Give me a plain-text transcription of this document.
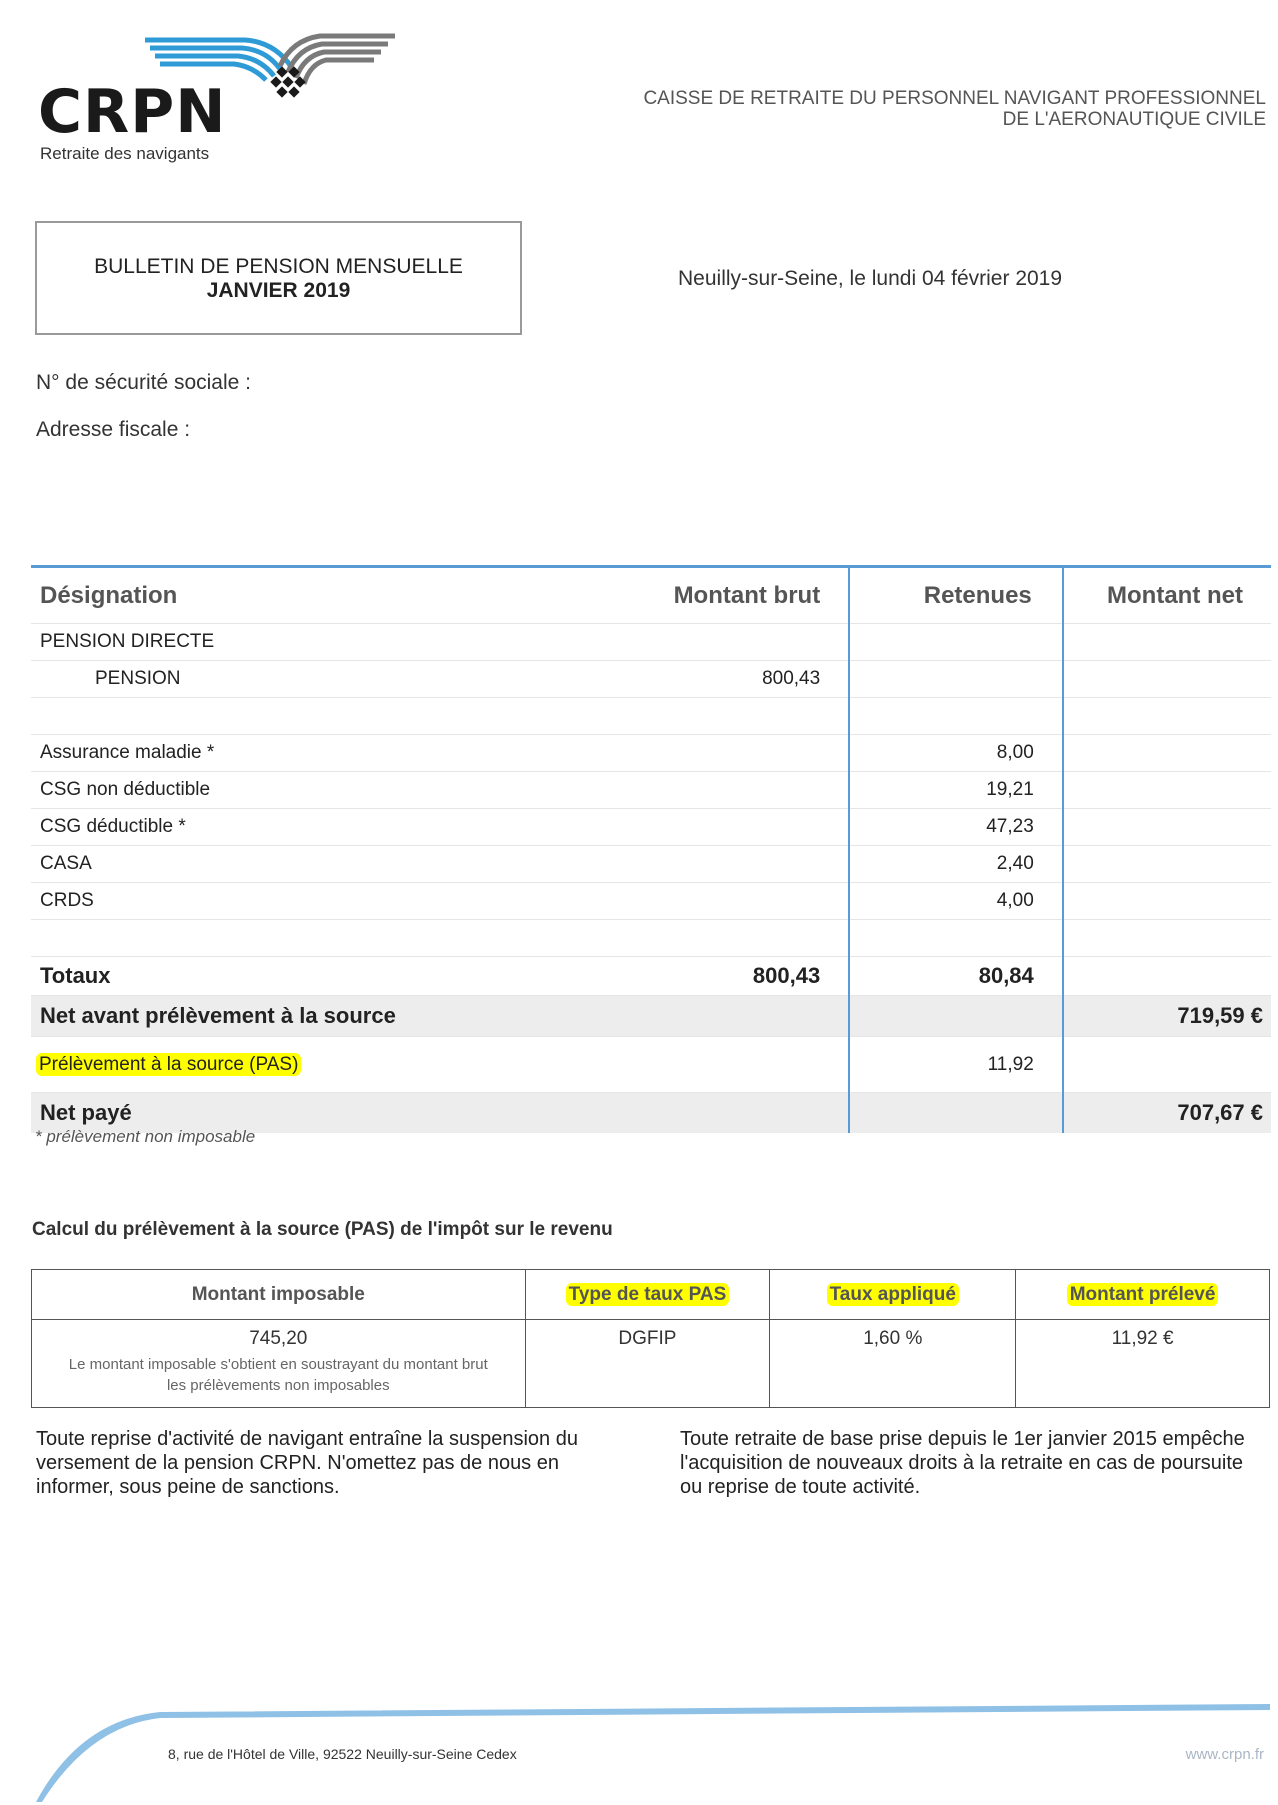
CRPN
Retraite des navigants
CAISSE DE RETRAITE DU PERSONNEL NAVIGANT PROFESSIONNEL
DE L'AERONAUTIQUE CIVILE
BULLETIN DE PENSION MENSUELLE
JANVIER 2019
Neuilly-sur-Seine, le lundi 04 février 2019
N° de sécurité sociale :
Adresse fiscale :
Désignation	Montant brut	Retenues	Montant net
PENSION DIRECTE			
PENSION	800,43		

Assurance maladie *		8,00	
CSG non déductible		19,21	
CSG déductible *		47,23	
CASA		2,40	
CRDS		4,00	

Totaux	800,43	80,84	
Net avant prélèvement à la source			719,59 €
Prélèvement à la source (PAS)		11,92	
Net payé			707,67 €
* prélèvement non imposable
Calcul du prélèvement à la source (PAS) de l'impôt sur le revenu
Montant imposable	Type de taux PAS	Taux appliqué	Montant prélevé
745,20
Le montant imposable s'obtient en soustrayant du montant brut
les prélèvements non imposables	DGFIP	1,60 %	11,92 €
Toute reprise d'activité de navigant entraîne la suspension du versement de la pension CRPN. N'omettez pas de nous en informer, sous peine de sanctions.
Toute retraite de base prise depuis le 1er janvier 2015 empêche l'acquisition de nouveaux droits à la retraite en cas de poursuite ou reprise de toute activité.
8, rue de l'Hôtel de Ville, 92522 Neuilly-sur-Seine Cedex	www.crpn.fr
